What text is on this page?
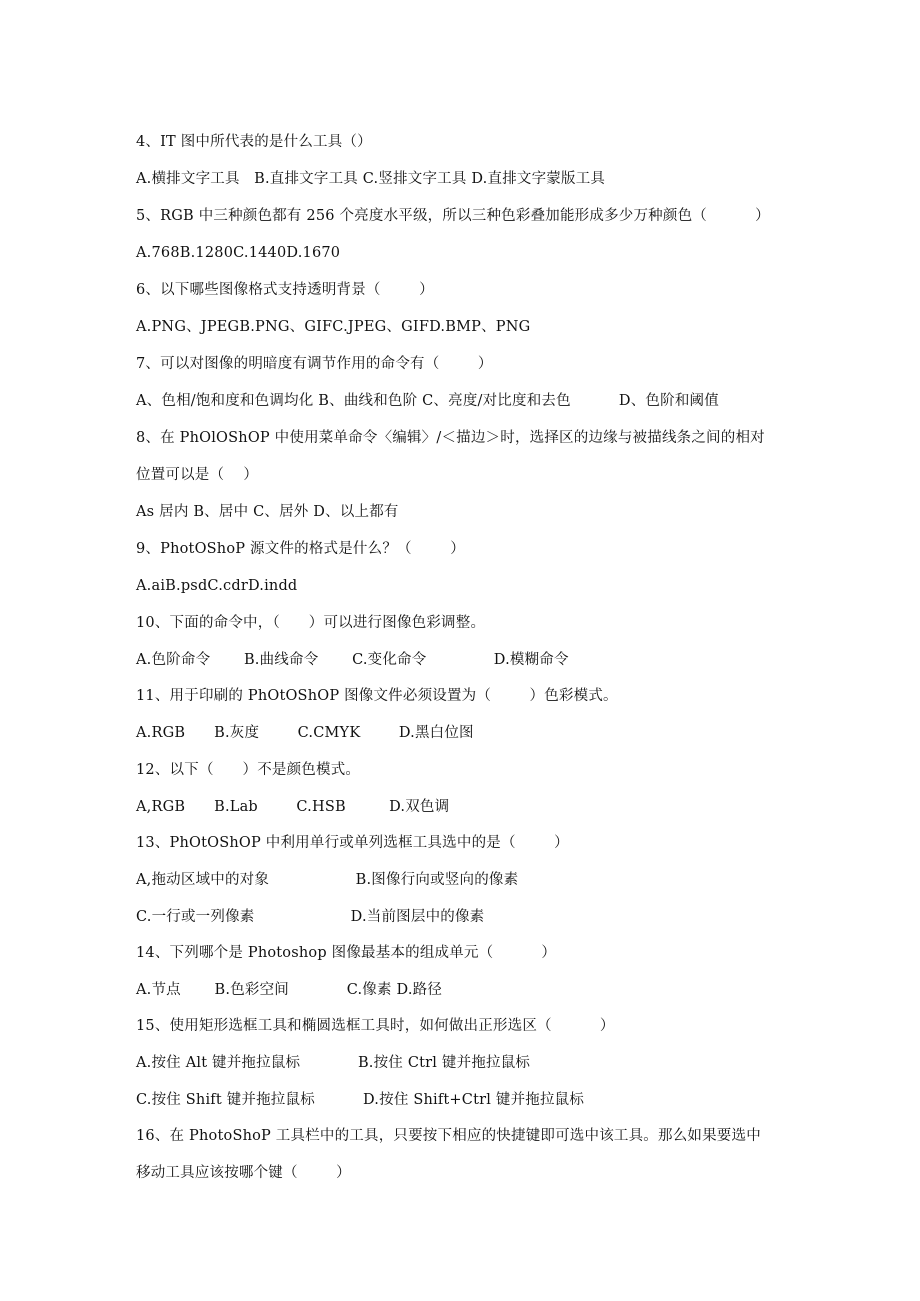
4、IT 图中所代表的是什么工具（）
A.横排文字工具   B.直排文字工具 C.竖排文字工具 D.直排文字蒙版工具
5、RGB 中三种颜色都有 256 个亮度水平级，所以三种色彩叠加能形成多少万种颜色（          ）
A.768B.1280C.1440D.1670
6、以下哪些图像格式支持透明背景（        ）
A.PNG、JPEGB.PNG、GIFC.JPEG、GIFD.BMP、PNG
7、可以对图像的明暗度有调节作用的命令有（        ）
A、色相/饱和度和色调均化 B、曲线和色阶 C、亮度/对比度和去色          D、色阶和阈值
8、在 PhOlOShOP 中使用菜单命令〈编辑〉/＜描边＞时，选择区的边缘与被描线条之间的相对
位置可以是（    ）
As 居内 B、居中 C、居外 D、以上都有
9、PhotOShoP 源文件的格式是什么？（        ）
A.aiB.psdC.cdrD.indd
10、下面的命令中，（      ）可以进行图像色彩调整。
A.色阶命令       B.曲线命令       C.变化命令              D.模糊命令
11、用于印刷的 PhOtOShOP 图像文件必须设置为（        ）色彩模式。
A.RGB      B.灰度        C.CMYK        D.黑白位图
12、以下（      ）不是颜色模式。
A,RGB      B.Lab        C.HSB         D.双色调
13、PhOtOShOP 中利用单行或单列选框工具选中的是（        ）
A,拖动区域中的对象                  B.图像行向或竖向的像素
C.一行或一列像素                    D.当前图层中的像素
14、下列哪个是 Photoshop 图像最基本的组成单元（          ）
A.节点       B.色彩空间            C.像素 D.路径
15、使用矩形选框工具和椭圆选框工具时，如何做出正形选区（          ）
A.按住 Alt 键并拖拉鼠标            B.按住 Ctrl 键并拖拉鼠标
C.按住 Shift 键并拖拉鼠标          D.按住 Shift+Ctrl 键并拖拉鼠标
16、在 PhotoShoP 工具栏中的工具，只要按下相应的快捷键即可选中该工具。那么如果要选中
移动工具应该按哪个键（        ）
